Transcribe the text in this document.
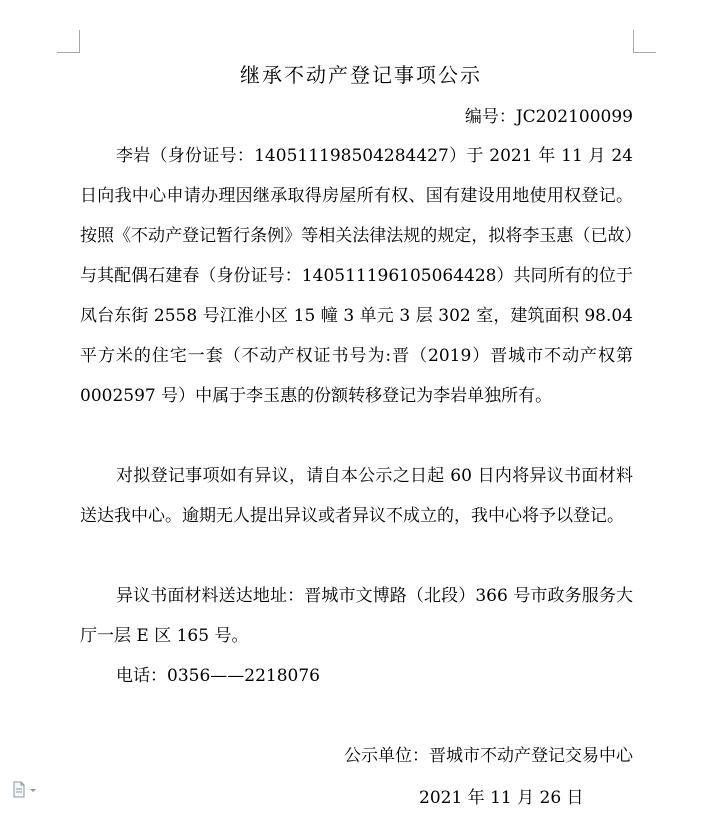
继承不动产登记事项公示
编号：JC202100099

李岩（身份证号：140511198504284427）于 2021 年 11 月 24 日向我中心申请办理因继承取得房屋所有权、国有建设用地使用权登记。按照《不动产登记暂行条例》等相关法律法规的规定，拟将李玉惠（已故）与其配偶石建春（身份证号：140511196105064428）共同所有的位于凤台东街 2558 号江淮小区 15 幢 3 单元 3 层 302 室，建筑面积 98.04 平方米的住宅一套（不动产权证书号为:晋（2019）晋城市不动产权第 0002597 号）中属于李玉惠的份额转移登记为李岩单独所有。

对拟登记事项如有异议，请自本公示之日起 60 日内将异议书面材料送达我中心。逾期无人提出异议或者异议不成立的，我中心将予以登记。

异议书面材料送达地址：晋城市文博路（北段）366 号市政务服务大厅一层 E 区 165 号。

电话：0356——2218076

公示单位：晋城市不动产登记交易中心
2021 年 11 月 26 日
